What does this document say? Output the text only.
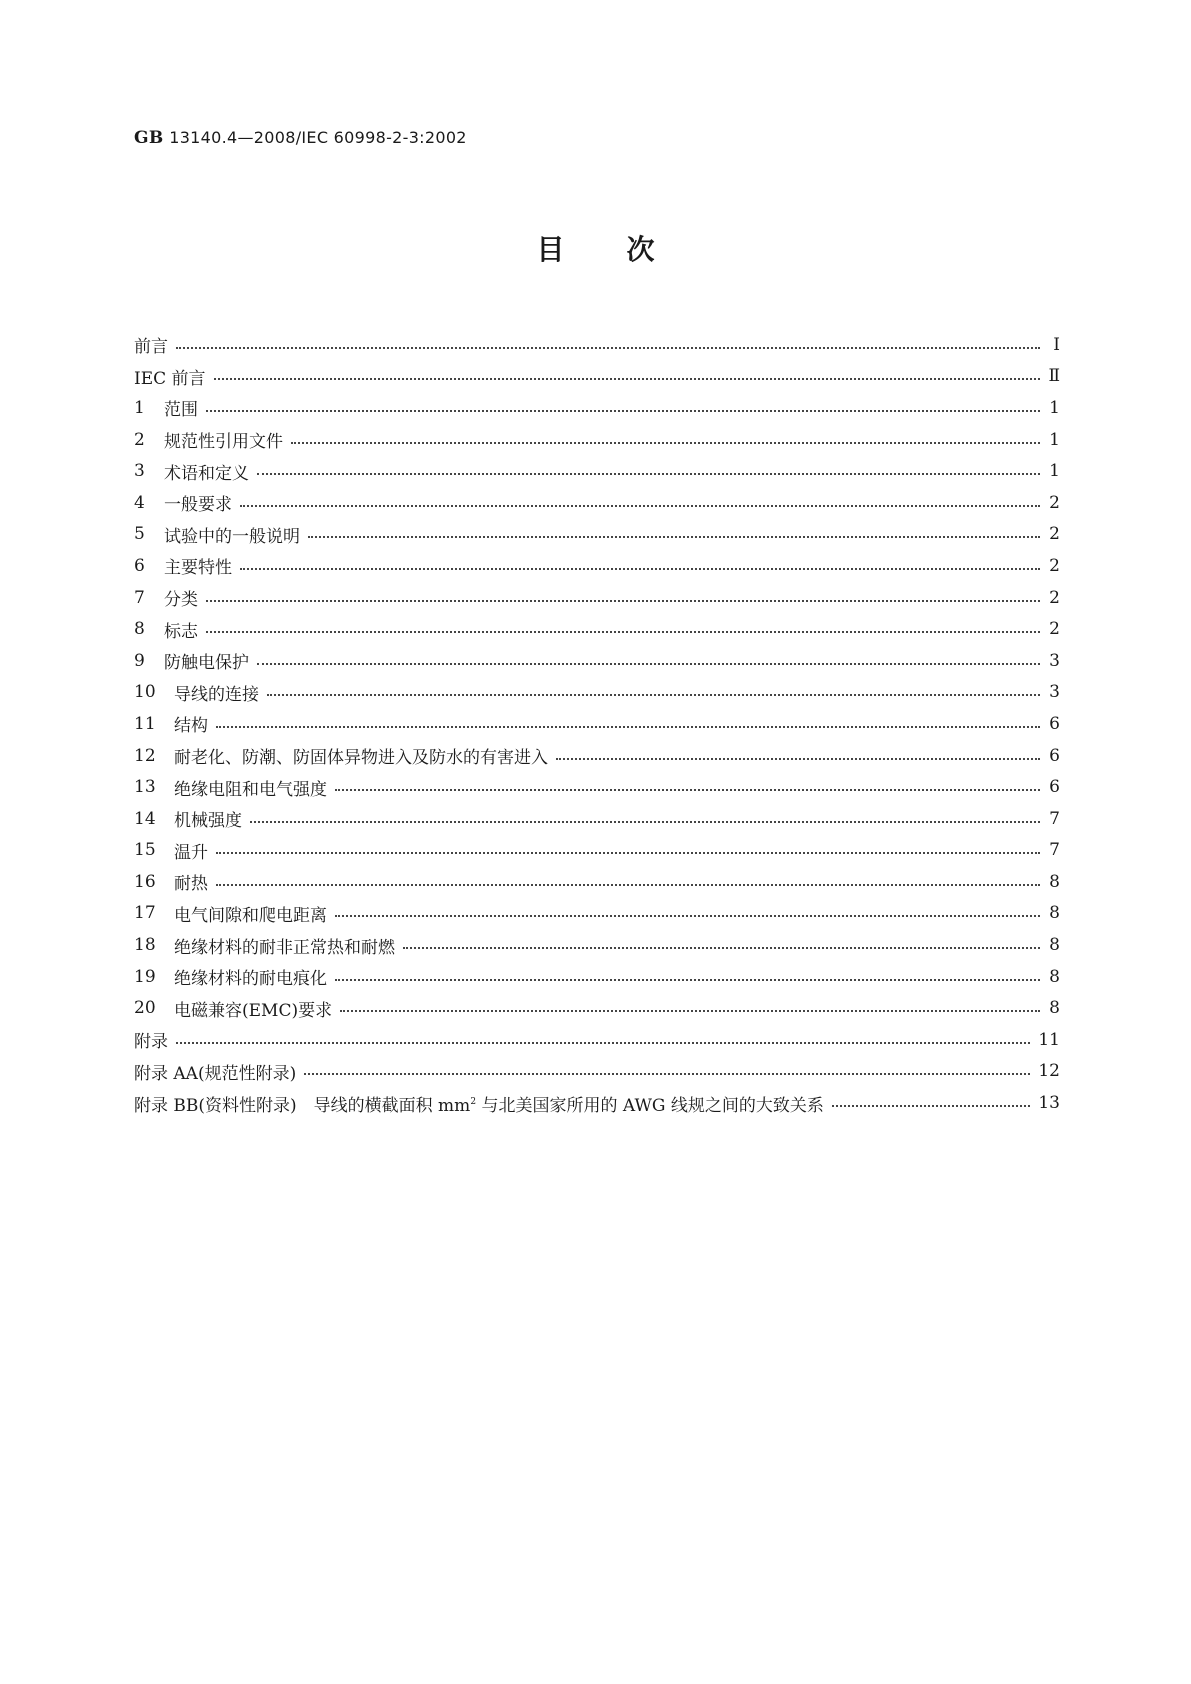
GB 13140.4—2008/IEC 60998-2-3:2002
目次
前言	Ⅰ
IEC 前言	Ⅱ
1	范围	1
2	规范性引用文件	1
3	术语和定义	1
4	一般要求	2
5	试验中的一般说明	2
6	主要特性	2
7	分类	2
8	标志	2
9	防触电保护	3
10	导线的连接	3
11	结构	6
12	耐老化、防潮、防固体异物进入及防水的有害进入	6
13	绝缘电阻和电气强度	6
14	机械强度	7
15	温升	7
16	耐热	8
17	电气间隙和爬电距离	8
18	绝缘材料的耐非正常热和耐燃	8
19	绝缘材料的耐电痕化	8
20	电磁兼容(EMC)要求	8
附录	11
附录 AA(规范性附录)	12
附录 BB(资料性附录)　导线的横截面积 $mm^2$ 与北美国家所用的 AWG 线规之间的大致关系	13
